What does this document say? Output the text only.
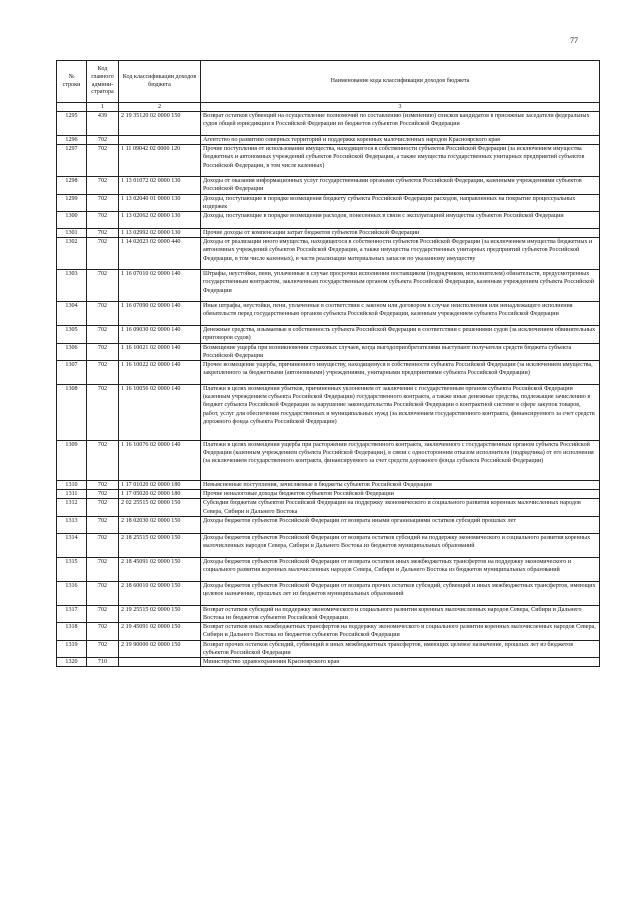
77
№ строки	Код главного админи-стратора	Код классификации доходов бюджета	Наименование кода классификации доходов бюджета
	1	2	3
1295	439	2 19 35120 02 0000 150	Возврат остатков субвенций на осуществление полномочий по составлению (изменению) списков кандидатов в присяжные заседатели федеральных судов общей юрисдикции в Российской Федерации из бюджетов субъектов Российской Федерации
1296	702		Агентство по развитию северных территорий и поддержке коренных малочисленных народов Красноярского края
1297	702	1 11 09042 02 0000 120	Прочие поступления от использования имущества, находящегося в собственности субъектов Российской Федерации (за исключением имущества бюджетных и автономных учреждений субъектов Российской Федерации, а также имущества государственных унитарных предприятий субъектов Российской Федерации, в том числе казенных)
1298	702	1 13 01072 02 0000 130	Доходы от оказания информационных услуг государственными органами субъектов Российской Федерации, казенными учреждениями субъектов Российской Федерации
1299	702	1 13 02040 01 0000 130	Доходы, поступающие в порядке возмещения бюджету субъекта Российской Федерации расходов, направленных на покрытие процессуальных издержек
1300	702	1 13 02062 02 0000 130	Доходы, поступающие в порядке возмещения расходов, понесенных в связи с эксплуатацией имущества субъектов Российской Федерации
1301	702	1 13 02992 02 0000 130	Прочие доходы от компенсации затрат бюджетов субъектов Российской Федерации
1302	702	1 14 02023 02 0000 440	Доходы от реализации иного имущества, находящегося в собственности субъектов Российской Федерации (за исключением имущества бюджетных и автономных учреждений субъектов Российской Федерации, а также имущества государственных унитарных предприятий субъектов Российской Федерации, в том числе казенных), в части реализации материальных запасов по указанному имуществу
1303	702	1 16 07010 02 0000 140	Штрафы, неустойки, пени, уплаченные в случае просрочки исполнения поставщиком (подрядчиком, исполнителем) обязательств, предусмотренных государственным контрактом, заключенным государственным органом субъекта Российской Федерации, казенным учреждением субъекта Российской Федерации
1304	702	1 16 07090 02 0000 140	Иные штрафы, неустойки, пени, уплаченные в соответствии с законом или договором в случае неисполнения или ненадлежащего исполнения обязательств перед государственным органом субъекта Российской Федерации, казенным учреждением субъекта Российской Федерации
1305	702	1 16 09030 02 0000 140	Денежные средства, изымаемые в собственность субъекта Российской Федерации в соответствии с решениями судов (за исключением обвинительных приговоров судов)
1306	702	1 16 10021 02 0000 140	Возмещение ущерба при возникновении страховых случаев, когда выгодоприобретателями выступают получатели средств бюджета субъекта Российской Федерации
1307	702	1 16 10022 02 0000 140	Прочее возмещение ущерба, причиненного имуществу, находящемуся в собственности субъекта Российской Федерации (за исключением имущества, закрепленного за бюджетными (автономными) учреждениями, унитарными предприятиями субъекта Российской Федерации)
1308	702	1 16 10056 02 0000 140	Платежи в целях возмещения убытков, причиненных уклонением от заключения с государственным органом субъекта Российской Федерации (казенным учреждением субъекта Российской Федерации) государственного контракта, а также иные денежные средства, подлежащие зачислению в бюджет субъекта Российской Федерации за нарушение законодательства Российской Федерации о контрактной системе в сфере закупок товаров, работ, услуг для обеспечения государственных и муниципальных нужд (за исключением государственного контракта, финансируемого за счет средств дорожного фонда субъекта Российской Федерации)
1309	702	1 16 10076 02 0000 140	Платежи в целях возмещения ущерба при расторжении государственного контракта, заключенного с государственным органом субъекта Российской Федерации (казенным учреждением субъекта Российской Федерации), в связи с односторонним отказом исполнителя (подрядчика) от его исполнения (за исключением государственного контракта, финансируемого за счет средств дорожного фонда субъекта Российской Федерации)
1310	702	1 17 01020 02 0000 180	Невыясненные поступления, зачисляемые в бюджеты субъектов Российской Федерации
1311	702	1 17 05020 02 0000 180	Прочие неналоговые доходы бюджетов субъектов Российской Федерации
1312	702	2 02 25515 02 0000 150	Субсидии бюджетам субъектов Российской Федерации на поддержку экономического и социального развития коренных малочисленных народов Севера, Сибири и Дальнего Востока
1313	702	2 18 02030 02 0000 150	Доходы бюджетов субъектов Российской Федерации от возврата иными организациями остатков субсидий прошлых лет
1314	702	2 18 25515 02 0000 150	Доходы бюджетов субъектов Российской Федерации от возврата остатков субсидий на поддержку экономического и социального развития коренных малочисленных народов Севера, Сибири и Дальнего Востока из бюджетов муниципальных образований
1315	702	2 18 45091 02 0000 150	Доходы бюджетов субъектов Российской Федерации от возврата остатков иных межбюджетных трансфертов на поддержку экономического и социального развития коренных малочисленных народов Севера, Сибири и Дальнего Востока из бюджетов муниципальных образований
1316	702	2 18 60010 02 0000 150	Доходы бюджетов субъектов Российской Федерации от возврата прочих остатков субсидий, субвенций и иных межбюджетных трансфертов, имеющих целевое назначение, прошлых лет из бюджетов муниципальных образований
1317	702	2 19 25515 02 0000 150	Возврат остатков субсидий на поддержку экономического и социального развития коренных малочисленных народов Севера, Сибири и Дальнего Востока из бюджетов субъектов Российской Федерации
1318	702	2 19 45091 02 0000 150	Возврат остатков иных межбюджетных трансфертов на поддержку экономического и социального развития коренных малочисленных народов Севера, Сибири и Дальнего Востока из бюджетов субъектов Российской Федерации
1319	702	2 19 90000 02 0000 150	Возврат прочих остатков субсидий, субвенций и иных межбюджетных трансфертов, имеющих целевое назначение, прошлых лет из бюджетов субъектов Российской Федерации
1320	710		Министерство здравоохранения Красноярского края
